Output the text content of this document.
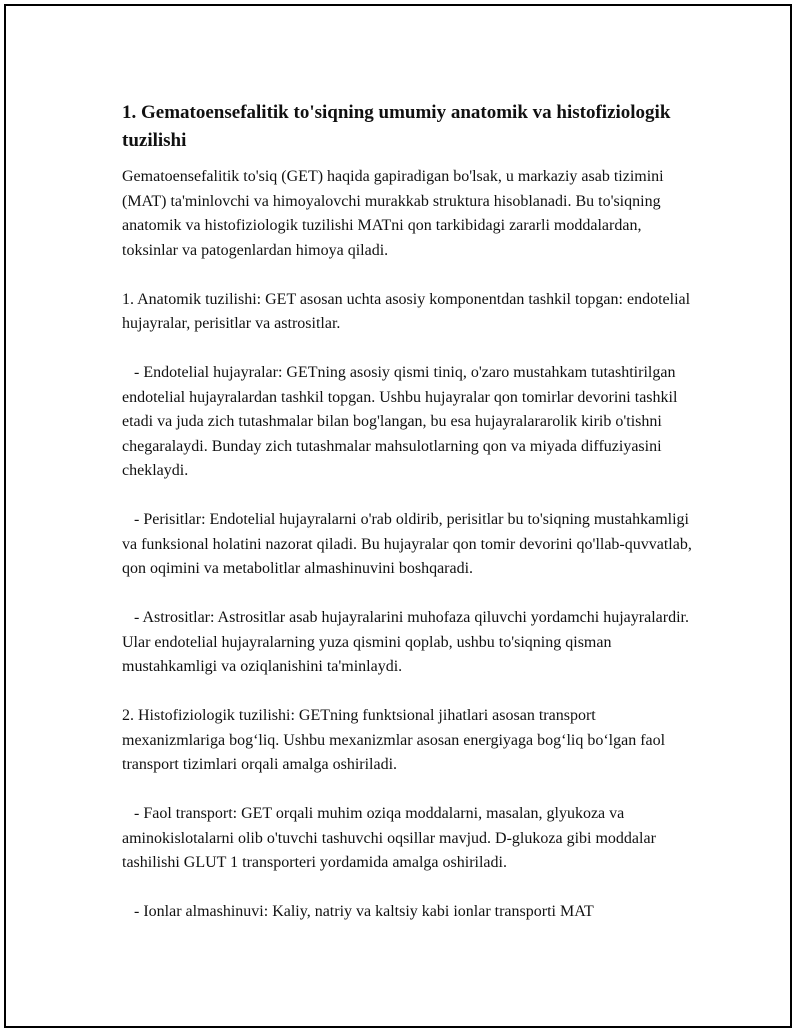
1. Gematoensefalitik to'siqning umumiy anatomik va histofiziologik tuzilishi
Gematoensefalitik to'siq (GET) haqida gapiradigan bo'lsak, u markaziy asab tizimini (MAT) ta'minlovchi va himoyalovchi murakkab struktura hisoblanadi. Bu to'siqning anatomik va histofiziologik tuzilishi MATni qon tarkibidagi zararli moddalardan, toksinlar va patogenlardan himoya qiladi.
1. Anatomik tuzilishi: GET asosan uchta asosiy komponentdan tashkil topgan: endotelial hujayralar, perisitlar va astrositlar.
- Endotelial hujayralar: GETning asosiy qismi tiniq, o'zaro mustahkam tutashtirilgan endotelial hujayralardan tashkil topgan. Ushbu hujayralar qon tomirlar devorini tashkil etadi va juda zich tutashmalar bilan bog'langan, bu esa hujayralararolik kirib o'tishni chegaralaydi. Bunday zich tutashmalar mahsulotlarning qon va miyada diffuziyasini cheklaydi.
- Perisitlar: Endotelial hujayralarni o'rab oldirib, perisitlar bu to'siqning mustahkamligi va funksional holatini nazorat qiladi. Bu hujayralar qon tomir devorini qo'llab-quvvatlab, qon oqimini va metabolitlar almashinuvini boshqaradi.
- Astrositlar: Astrositlar asab hujayralarini muhofaza qiluvchi yordamchi hujayralardir. Ular endotelial hujayralarning yuza qismini qoplab, ushbu to'siqning qisman mustahkamligi va oziqlanishini ta'minlaydi.
2. Histofiziologik tuzilishi: GETning funktsional jihatlari asosan transport mexanizmlariga bog‘liq. Ushbu mexanizmlar asosan energiyaga bog‘liq bo‘lgan faol transport tizimlari orqali amalga oshiriladi.
- Faol transport: GET orqali muhim oziqa moddalarni, masalan, glyukoza va aminokislotalarni olib o'tuvchi tashuvchi oqsillar mavjud. D-glukoza gibi moddalar tashilishi GLUT 1 transporteri yordamida amalga oshiriladi.
- Ionlar almashinuvi: Kaliy, natriy va kaltsiy kabi ionlar transporti MAT
